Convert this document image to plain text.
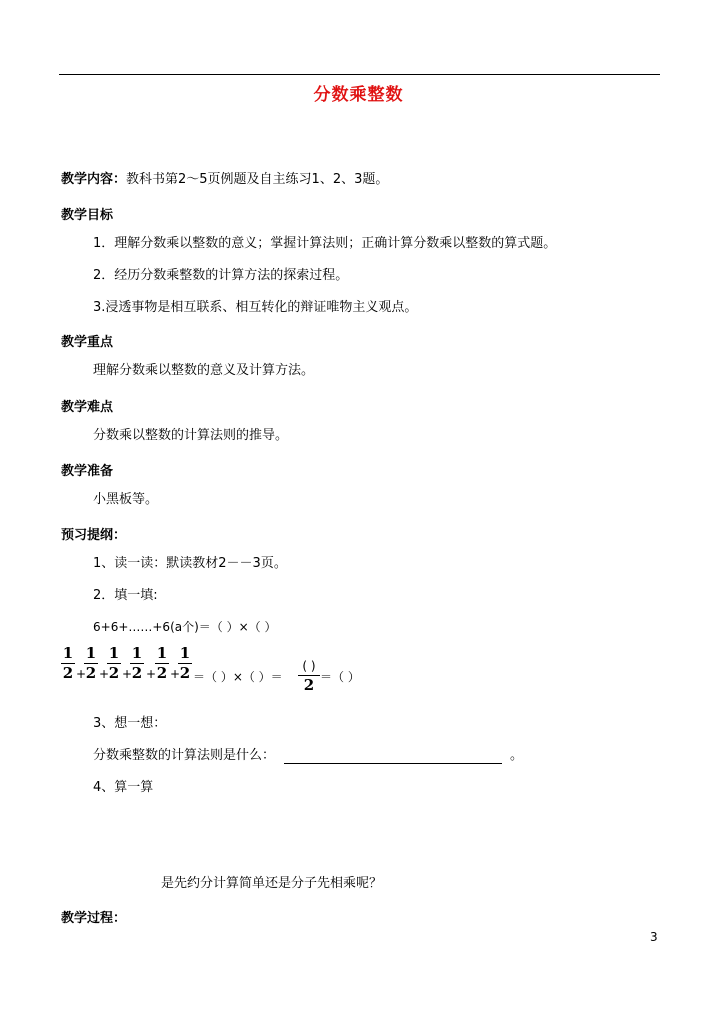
分数乘整数
教学内容：教科书第2～5页例题及自主练习1、2、3题。
教学目标
1．理解分数乘以整数的意义；掌握计算法则；正确计算分数乘以整数的算式题。
2．经历分数乘整数的计算方法的探索过程。
3.浸透事物是相互联系、相互转化的辩证唯物主义观点。
教学重点
理解分数乘以整数的意义及计算方法。
教学难点
分数乘以整数的计算法则的推导。
教学准备
小黑板等。
预习提纲：
1、读一读：默读教材2－－3页。
2．填一填:
6+6+……+6(a个)＝（ ）×（ ）
1
2 +
1
2 +
1
2 +
1
2 +
1
2 +
1
2 ＝（ ）×（ ）＝
( )
2 ＝（ ）
3、想一想：
分数乘整数的计算法则是什么：	。
4、算一算
是先约分计算简单还是分子先相乘呢？
教学过程：
3
